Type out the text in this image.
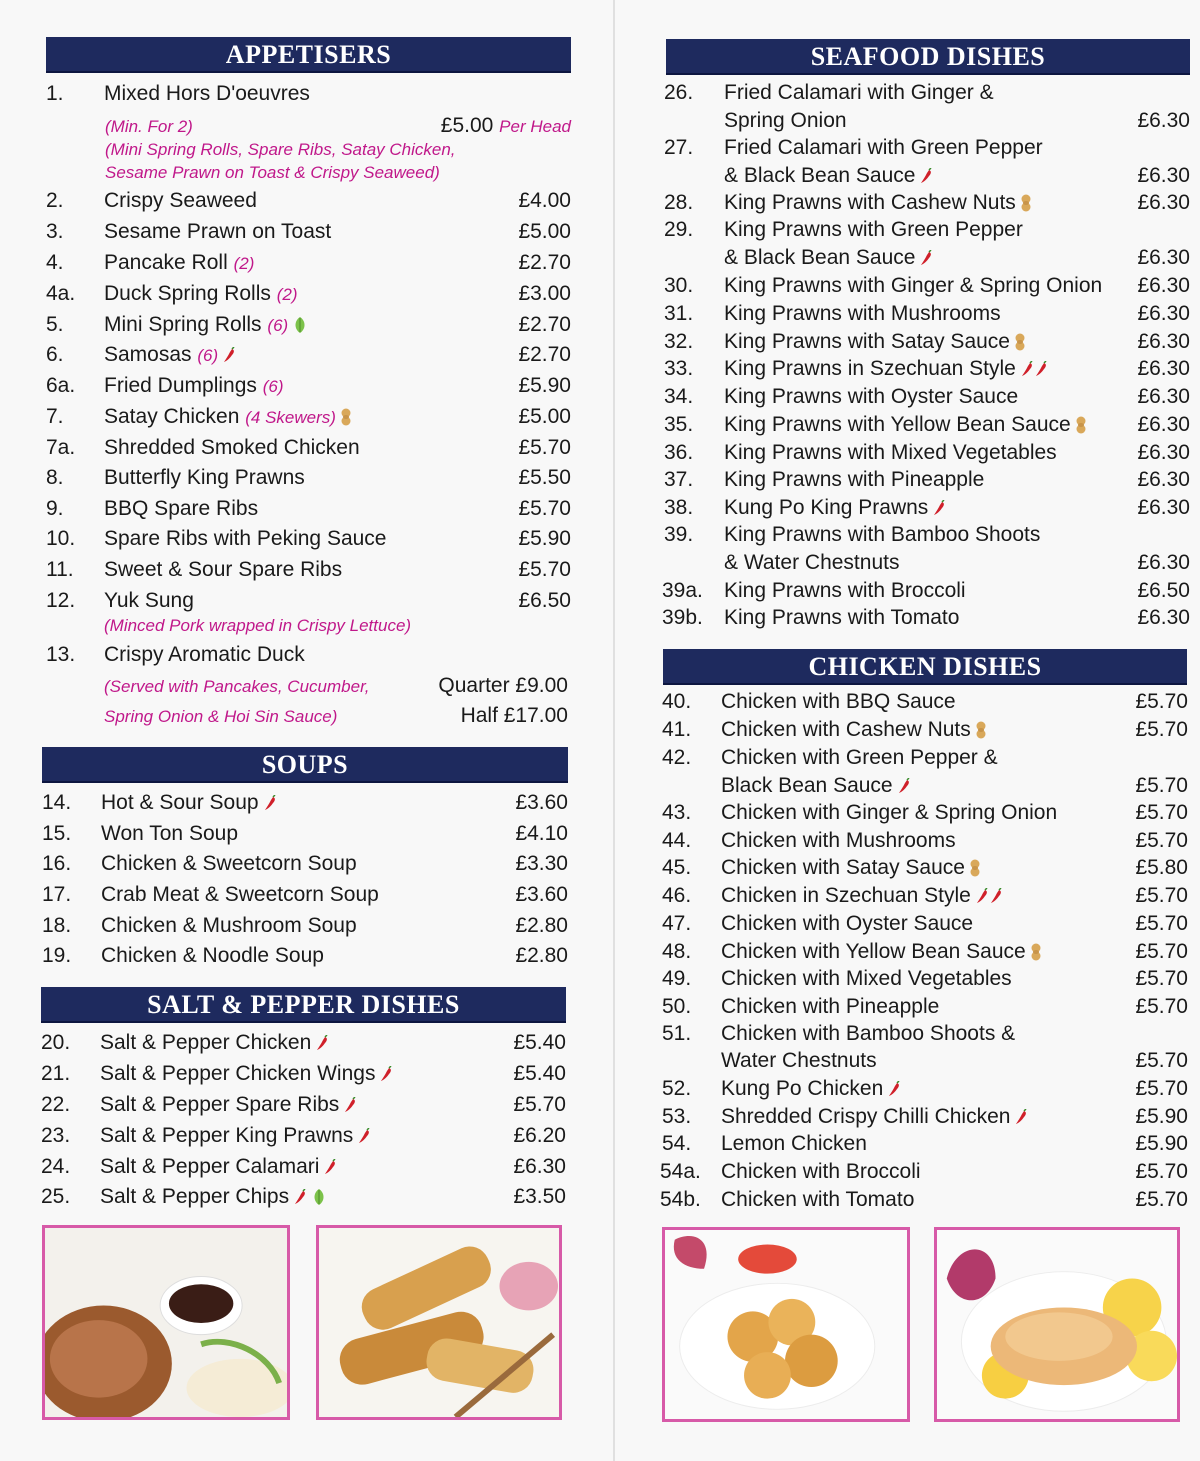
APPETISERS
1. Mixed Hors D'oeuvres
(Min. For 2)	£5.00 Per Head
(Mini Spring Rolls, Spare Ribs, Satay Chicken,
Sesame Prawn on Toast & Crispy Seaweed)
2. Crispy Seaweed	£4.00
3. Sesame Prawn on Toast	£5.00
4. Pancake Roll (2)	£2.70
4a. Duck Spring Rolls (2)	£3.00
5. Mini Spring Rolls (6)	£2.70
6. Samosas (6)	£2.70
6a. Fried Dumplings (6)	£5.90
7. Satay Chicken (4 Skewers)	£5.00
7a. Shredded Smoked Chicken	£5.70
8. Butterfly King Prawns	£5.50
9. BBQ Spare Ribs	£5.70
10. Spare Ribs with Peking Sauce	£5.90
11. Sweet & Sour Spare Ribs	£5.70
12. Yuk Sung	£6.50
(Minced Pork wrapped in Crispy Lettuce)
13. Crispy Aromatic Duck
(Served with Pancakes, Cucumber,	Quarter £9.00
Spring Onion & Hoi Sin Sauce)	Half £17.00
SOUPS
14. Hot & Sour Soup	£3.60
15. Won Ton Soup	£4.10
16. Chicken & Sweetcorn Soup	£3.30
17. Crab Meat & Sweetcorn Soup	£3.60
18. Chicken & Mushroom Soup	£2.80
19. Chicken & Noodle Soup	£2.80
SALT & PEPPER DISHES
20. Salt & Pepper Chicken	£5.40
21. Salt & Pepper Chicken Wings	£5.40
22. Salt & Pepper Spare Ribs	£5.70
23. Salt & Pepper King Prawns	£6.20
24. Salt & Pepper Calamari	£6.30
25. Salt & Pepper Chips	£3.50
SEAFOOD DISHES
26. Fried Calamari with Ginger &
Spring Onion	£6.30
27. Fried Calamari with Green Pepper
& Black Bean Sauce	£6.30
28. King Prawns with Cashew Nuts	£6.30
29. King Prawns with Green Pepper
& Black Bean Sauce	£6.30
30. King Prawns with Ginger & Spring Onion £6.30
31. King Prawns with Mushrooms	£6.30
32. King Prawns with Satay Sauce	£6.30
33. King Prawns in Szechuan Style	£6.30
34. King Prawns with Oyster Sauce	£6.30
35. King Prawns with Yellow Bean Sauce	£6.30
36. King Prawns with Mixed Vegetables	£6.30
37. King Prawns with Pineapple	£6.30
38. Kung Po King Prawns	£6.30
39. King Prawns with Bamboo Shoots
& Water Chestnuts	£6.30
39a. King Prawns with Broccoli	£6.50
39b. King Prawns with Tomato	£6.30
CHICKEN DISHES
40. Chicken with BBQ Sauce	£5.70
41. Chicken with Cashew Nuts	£5.70
42. Chicken with Green Pepper &
Black Bean Sauce	£5.70
43. Chicken with Ginger & Spring Onion	£5.70
44. Chicken with Mushrooms	£5.70
45. Chicken with Satay Sauce	£5.80
46. Chicken in Szechuan Style	£5.70
47. Chicken with Oyster Sauce	£5.70
48. Chicken with Yellow Bean Sauce	£5.70
49. Chicken with Mixed Vegetables	£5.70
50. Chicken with Pineapple	£5.70
51. Chicken with Bamboo Shoots &
Water Chestnuts	£5.70
52. Kung Po Chicken	£5.70
53. Shredded Crispy Chilli Chicken	£5.90
54. Lemon Chicken	£5.90
54a. Chicken with Broccoli	£5.70
54b. Chicken with Tomato	£5.70
